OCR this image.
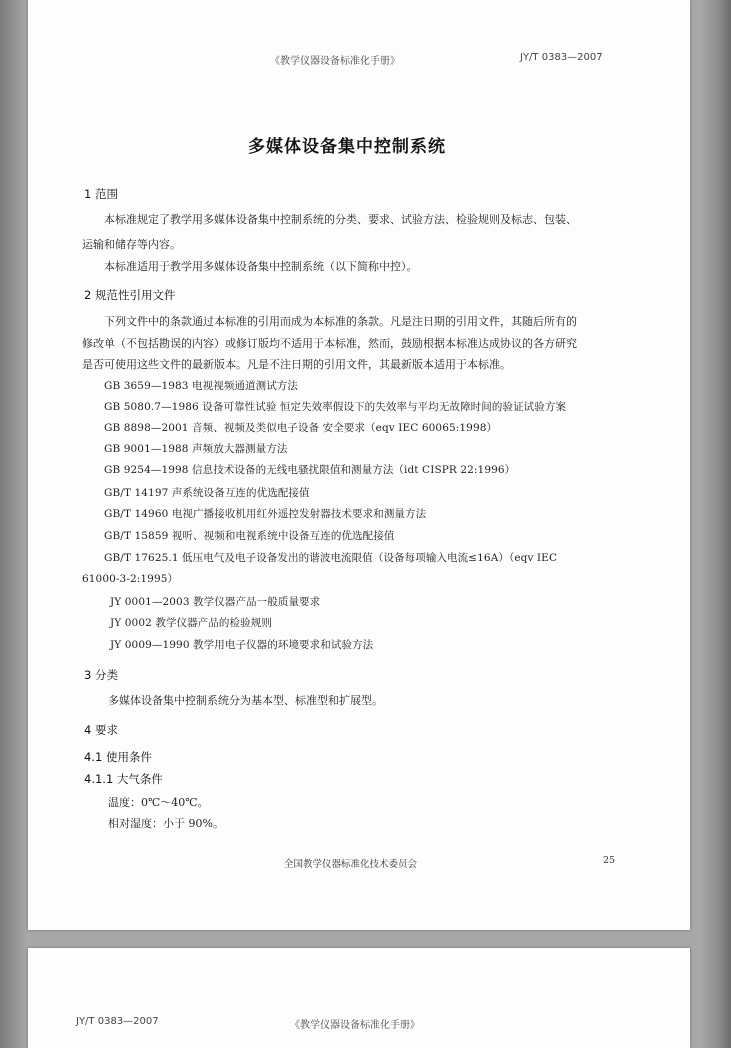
《教学仪器设备标准化手册》	JY/T 0383—2007
多媒体设备集中控制系统
1 范围
本标准规定了教学用多媒体设备集中控制系统的分类、要求、试验方法、检验规则及标志、包装、
运输和储存等内容。
本标准适用于教学用多媒体设备集中控制系统（以下简称中控）。
2 规范性引用文件
下列文件中的条款通过本标准的引用而成为本标准的条款。凡是注日期的引用文件，其随后所有的
修改单（不包括勘误的内容）或修订版均不适用于本标准，然而，鼓励根据本标准达成协议的各方研究
是否可使用这些文件的最新版本。凡是不注日期的引用文件，其最新版本适用于本标准。
GB 3659—1983 电视视频通道测试方法
GB 5080.7—1986 设备可靠性试验 恒定失效率假设下的失效率与平均无故障时间的验证试验方案
GB 8898—2001 音频、视频及类似电子设备 安全要求（eqv IEC 60065:1998）
GB 9001—1988 声频放大器测量方法
GB 9254—1998 信息技术设备的无线电骚扰限值和测量方法（idt CISPR 22:1996）
GB/T 14197 声系统设备互连的优选配接值
GB/T 14960 电视广播接收机用红外遥控发射器技术要求和测量方法
GB/T 15859 视听、视频和电视系统中设备互连的优选配接值
GB/T 17625.1 低压电气及电子设备发出的谐波电流限值（设备每项输入电流≤16A）（eqv IEC
61000-3-2:1995）
JY 0001—2003 教学仪器产品一般质量要求
JY 0002 教学仪器产品的检验规则
JY 0009—1990 教学用电子仪器的环境要求和试验方法
3 分类
多媒体设备集中控制系统分为基本型、标准型和扩展型。
4 要求
4.1 使用条件
4.1.1 大气条件
温度：0℃～40℃。
相对湿度：小于 90%。
全国教学仪器标准化技术委员会	25
JY/T 0383—2007	《教学仪器设备标准化手册》
